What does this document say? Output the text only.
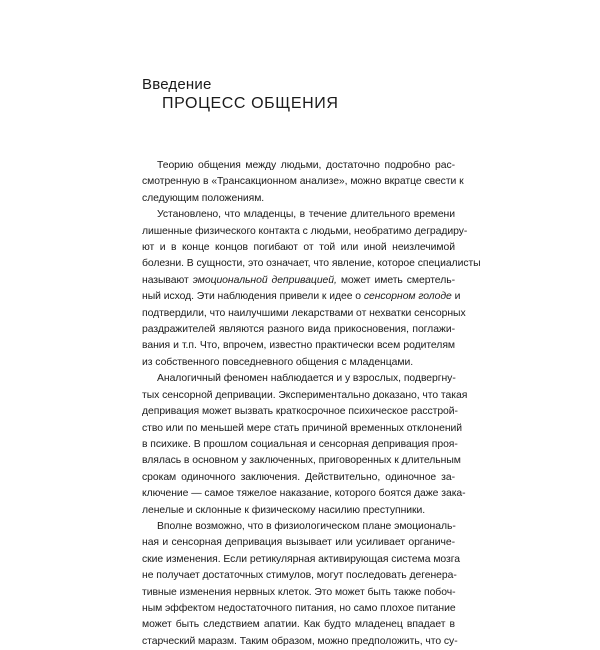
Введение
ПРОЦЕСС ОБЩЕНИЯ
Теорию общения между людьми, достаточно подробно рас-
смотренную в «Трансакционном анализе», можно вкратце свести к
следующим положениям.
Установлено, что младенцы, в течение длительного времени
лишенные физического контакта с людьми, необратимо деградиру-
ют и в конце концов погибают от той или иной неизлечимой
болезни. В сущности, это означает, что явление, которое специалисты
называют эмоциональной депривацией, может иметь смертель-
ный исход. Эти наблюдения привели к идее о сенсорном голоде и
подтвердили, что наилучшими лекарствами от нехватки сенсорных
раздражителей являются разного вида прикосновения, поглажи-
вания и т.п. Что, впрочем, известно практически всем родителям
из собственного повседневного общения с младенцами.
Аналогичный феномен наблюдается и у взрослых, подвергну-
тых сенсорной депривации. Экспериментально доказано, что такая
депривация может вызвать краткосрочное психическое расстрой-
ство или по меньшей мере стать причиной временных отклонений
в психике. В прошлом социальная и сенсорная депривация проя-
влялась в основном у заключенных, приговоренных к длительным
срокам одиночного заключения. Действительно, одиночное за-
ключение — самое тяжелое наказание, которого боятся даже зака-
ленелые и склонные к физическому насилию преступники.
Вполне возможно, что в физиологическом плане эмоциональ-
ная и сенсорная депривация вызывает или усиливает органиче-
ские изменения. Если ретикулярная активирующая система мозга
не получает достаточных стимулов, могут последовать дегенера-
тивные изменения нервных клеток. Это может быть также побоч-
ным эффектом недостаточного питания, но само плохое питание
может быть следствием апатии. Как будто младенец впадает в
старческий маразм. Таким образом, можно предположить, что су-
